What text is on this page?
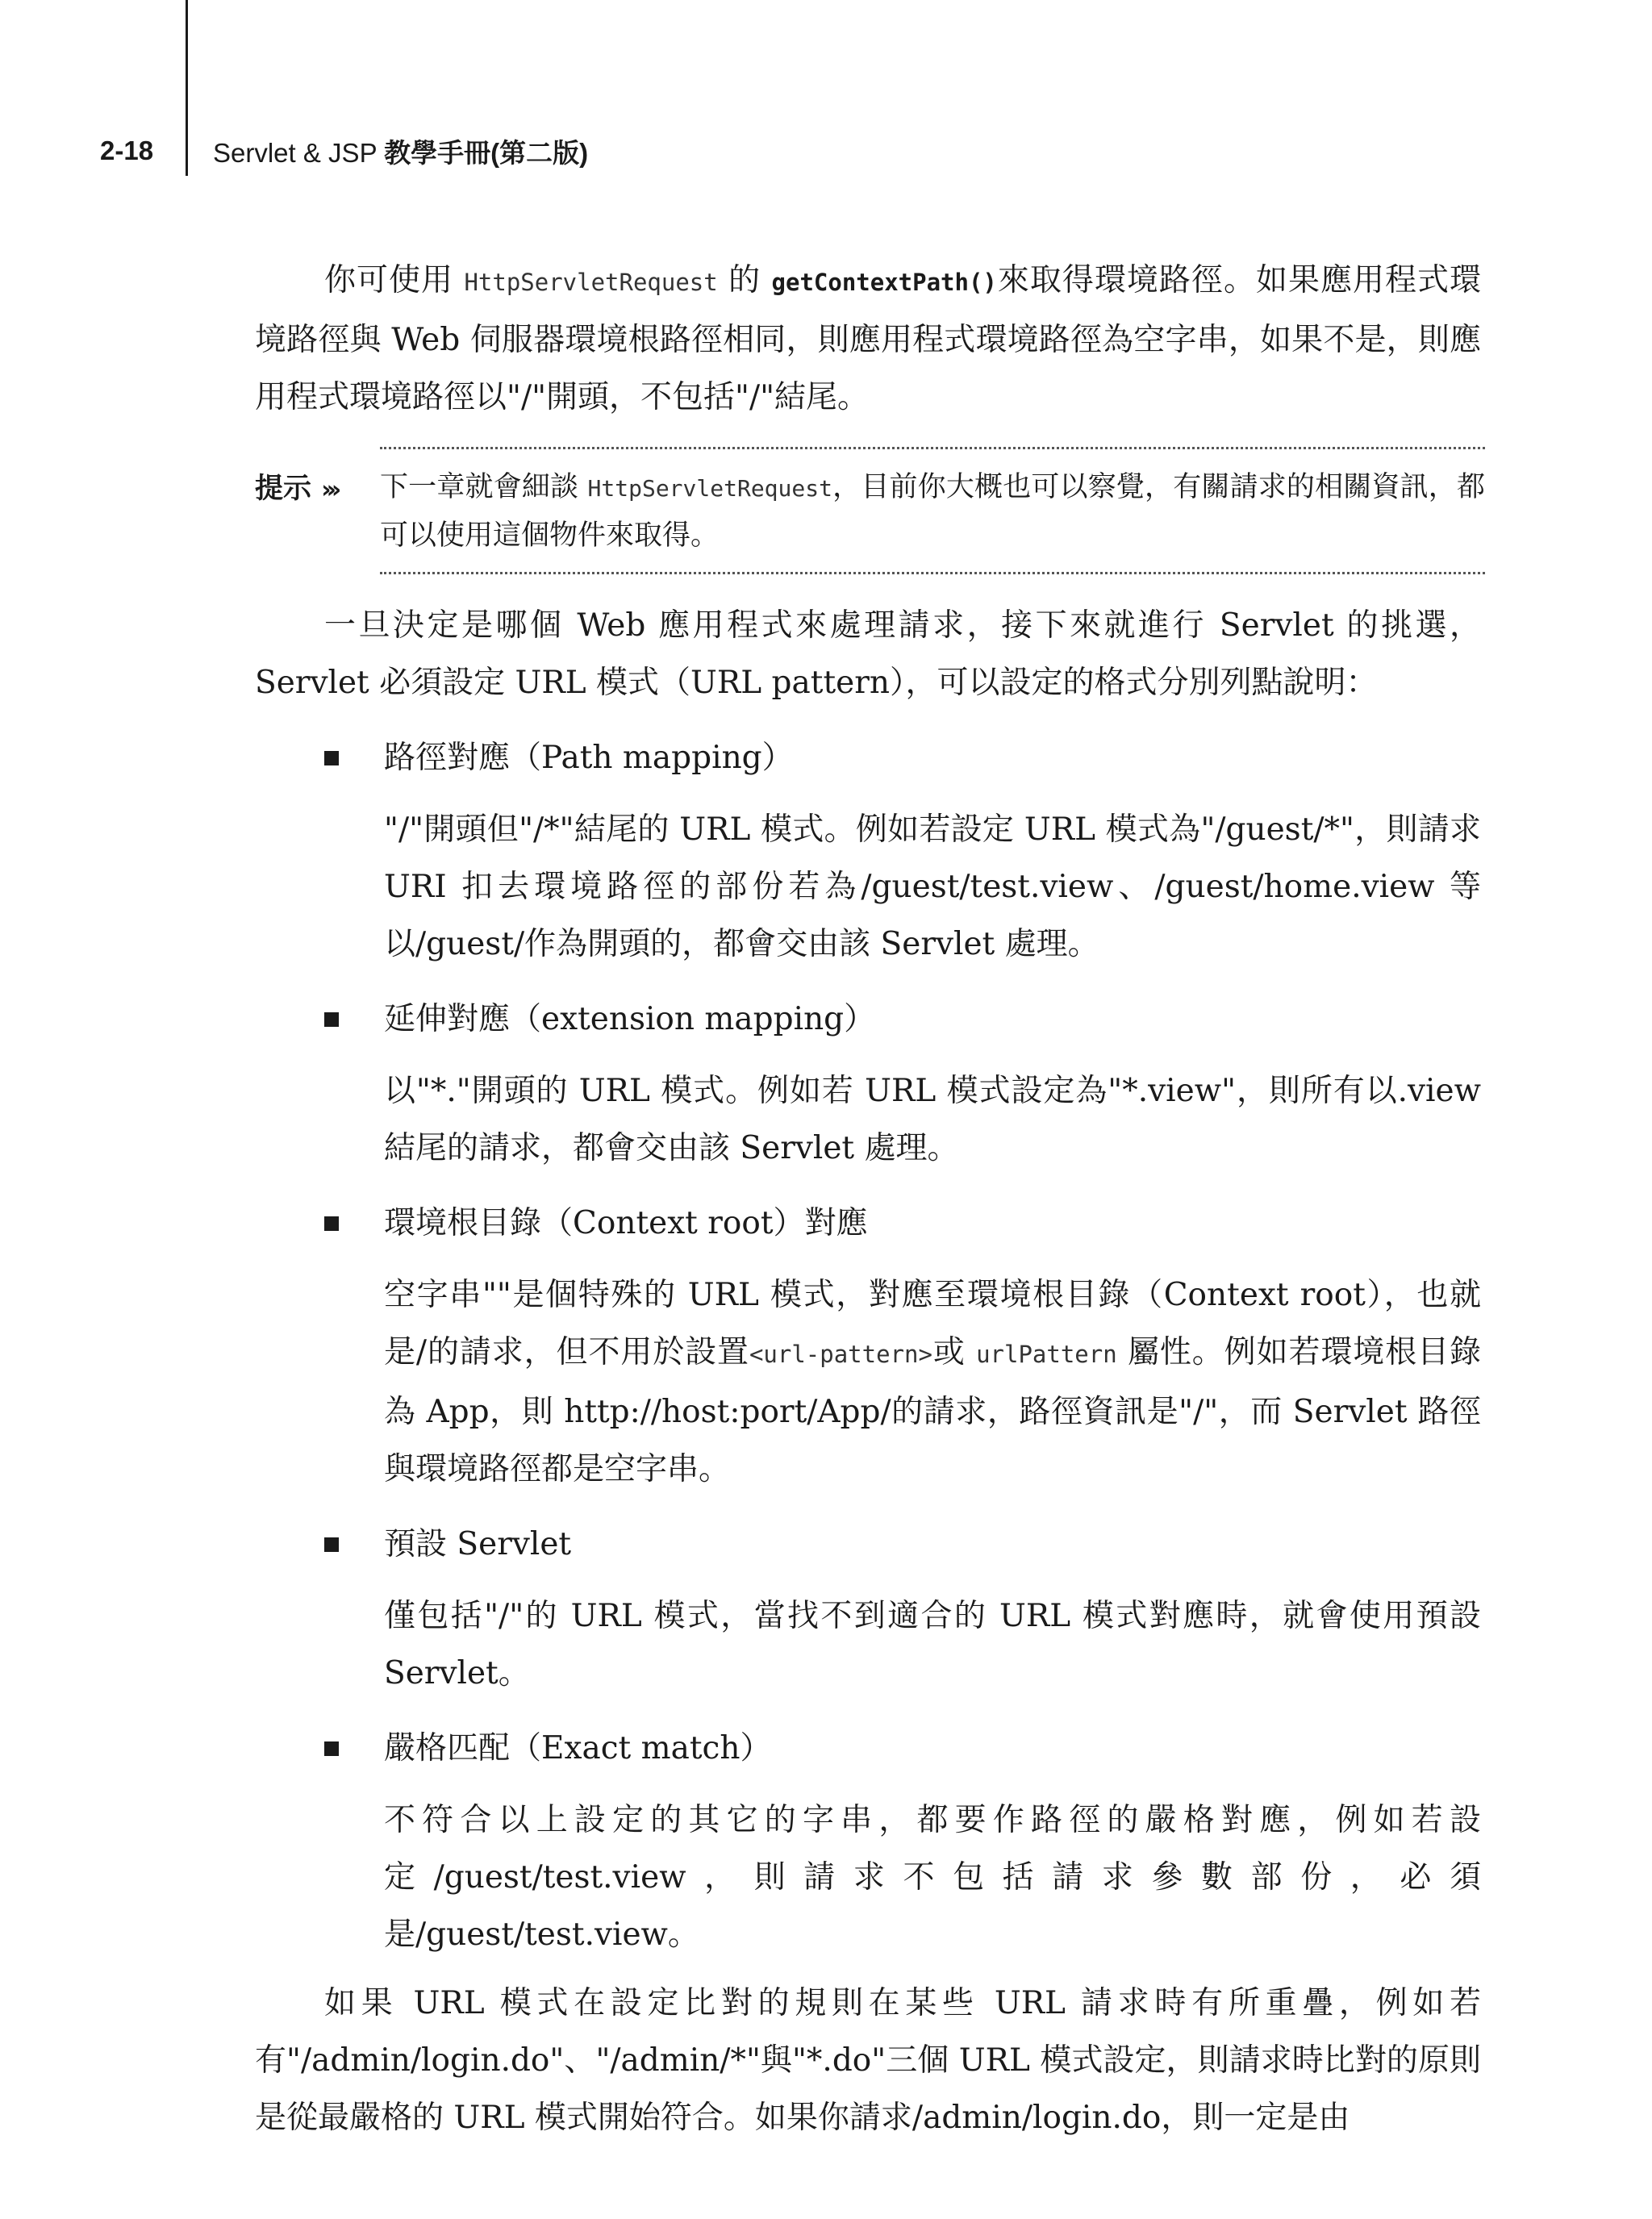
2-18	Servlet & JSP 教學手冊(第二版)

你可使用 HttpServletRequest 的 getContextPath()來取得環境路徑。如果應用程式環境路徑與 Web 伺服器環境根路徑相同，則應用程式環境路徑為空字串，如果不是，則應用程式環境路徑以"/"開頭，不包括"/"結尾。

提示 ››› 下一章就會細談 HttpServletRequest，目前你大概也可以察覺，有關請求的相關資訊，都可以使用這個物件來取得。

一旦決定是哪個 Web 應用程式來處理請求，接下來就進行 Servlet 的挑選，Servlet 必須設定 URL 模式（URL pattern），可以設定的格式分別列點說明：

路徑對應（Path mapping）

"/"開頭但"/*"結尾的 URL 模式。例如若設定 URL 模式為"/guest/*"，則請求 URI 扣去環境路徑的部份若為/guest/test.view、/guest/home.view 等以/guest/作為開頭的，都會交由該 Servlet 處理。

延伸對應（extension mapping）

以"*."開頭的 URL 模式。例如若 URL 模式設定為"*.view"，則所有以.view 結尾的請求，都會交由該 Servlet 處理。

環境根目錄（Context root）對應

空字串""是個特殊的 URL 模式，對應至環境根目錄（Context root），也就是/的請求，但不用於設置<url-pattern>或 urlPattern 屬性。例如若環境根目錄為 App，則 http://host:port/App/的請求，路徑資訊是"/"，而 Servlet 路徑與環境路徑都是空字串。

預設 Servlet

僅包括"/"的 URL 模式，當找不到適合的 URL 模式對應時，就會使用預設 Servlet。

嚴格匹配（Exact match）

不符合以上設定的其它的字串，都要作路徑的嚴格對應，例如若設定/guest/test.view，則請求不包括請求參數部份，必須是/guest/test.view。

如果 URL 模式在設定比對的規則在某些 URL 請求時有所重疊，例如若有"/admin/login.do"、"/admin/*"與"*.do"三個 URL 模式設定，則請求時比對的原則是從最嚴格的 URL 模式開始符合。如果你請求/admin/login.do，則一定是由
